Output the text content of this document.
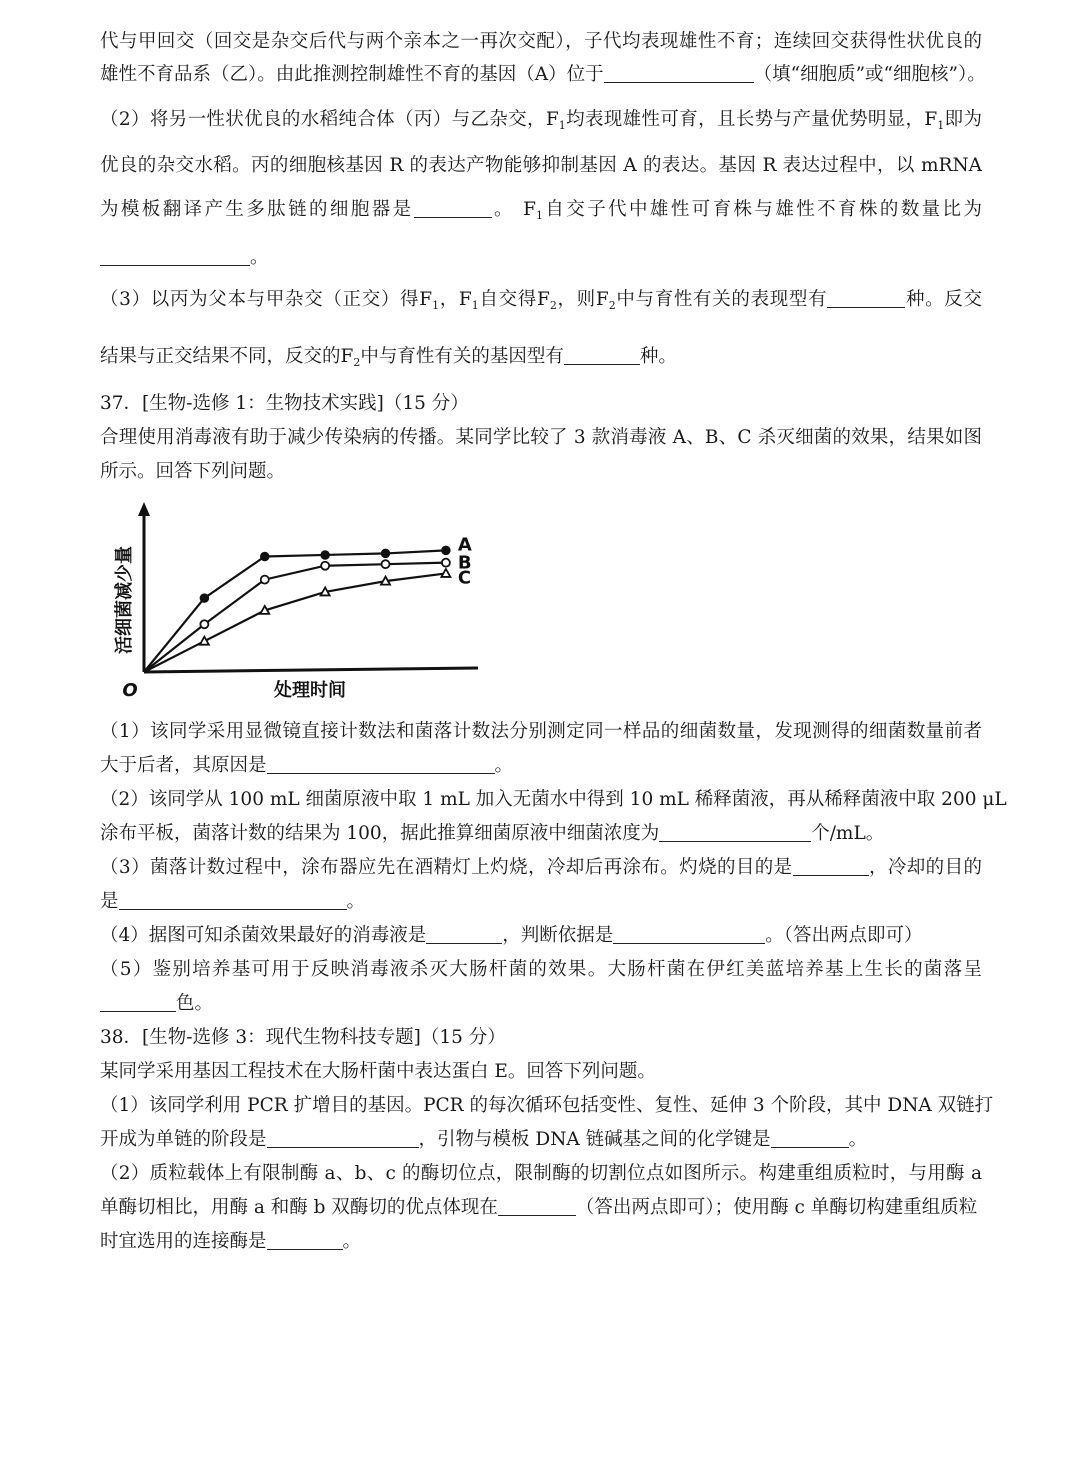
代与甲回交（回交是杂交后代与两个亲本之一再次交配），子代均表现雄性不育；连续回交获得性状优良的
雄性不育品系（乙）。由此推测控制雄性不育的基因（A）位于	（填“细胞质”或“细胞核”）。
（2）将另一性状优良的水稻纯合体（丙）与乙杂交，$F_1$均表现雄性可育，且长势与产量优势明显，$F_1$即为
优良的杂交水稻。丙的细胞核基因 R 的表达产物能够抑制基因 A 的表达。基因 R 表达过程中，以 mRNA
为模板翻译产生多肽链的细胞器是	。 $F_1$自交子代中雄性可育株与雄性不育株的数量比为
。
（3）以丙为父本与甲杂交（正交）得$F_1$，$F_1$自交得$F_2$，则$F_2$中与育性有关的表现型有	种。反交
结果与正交结果不同，反交的$F_2$中与育性有关的基因型有	种。
37．[生物-选修 1：生物技术实践]（15 分）
合理使用消毒液有助于减少传染病的传播。某同学比较了 3 款消毒液 A、B、C 杀灭细菌的效果，结果如图
所示。回答下列问题。
活细菌减少量
处理时间
O
A
B
C
（1）该同学采用显微镜直接计数法和菌落计数法分别测定同一样品的细菌数量，发现测得的细菌数量前者
大于后者，其原因是	。
（2）该同学从 100 mL 细菌原液中取 1 mL 加入无菌水中得到 10 mL 稀释菌液，再从稀释菌液中取 200 μL
涂布平板，菌落计数的结果为 100，据此推算细菌原液中细菌浓度为	个/mL。
（3）菌落计数过程中，涂布器应先在酒精灯上灼烧，冷却后再涂布。灼烧的目的是	，冷却的目的
是	。
（4）据图可知杀菌效果最好的消毒液是	，判断依据是	。（答出两点即可）
（5）鉴别培养基可用于反映消毒液杀灭大肠杆菌的效果。大肠杆菌在伊红美蓝培养基上生长的菌落呈
色。
38．[生物-选修 3：现代生物科技专题]（15 分）
某同学采用基因工程技术在大肠杆菌中表达蛋白 E。回答下列问题。
（1）该同学利用 PCR 扩增目的基因。PCR 的每次循环包括变性、复性、延伸 3 个阶段，其中 DNA 双链打
开成为单链的阶段是	，引物与模板 DNA 链碱基之间的化学键是	。
（2）质粒载体上有限制酶 a、b、c 的酶切位点，限制酶的切割位点如图所示。构建重组质粒时，与用酶 a
单酶切相比，用酶 a 和酶 b 双酶切的优点体现在	（答出两点即可）；使用酶 c 单酶切构建重组质粒
时宜选用的连接酶是	。
